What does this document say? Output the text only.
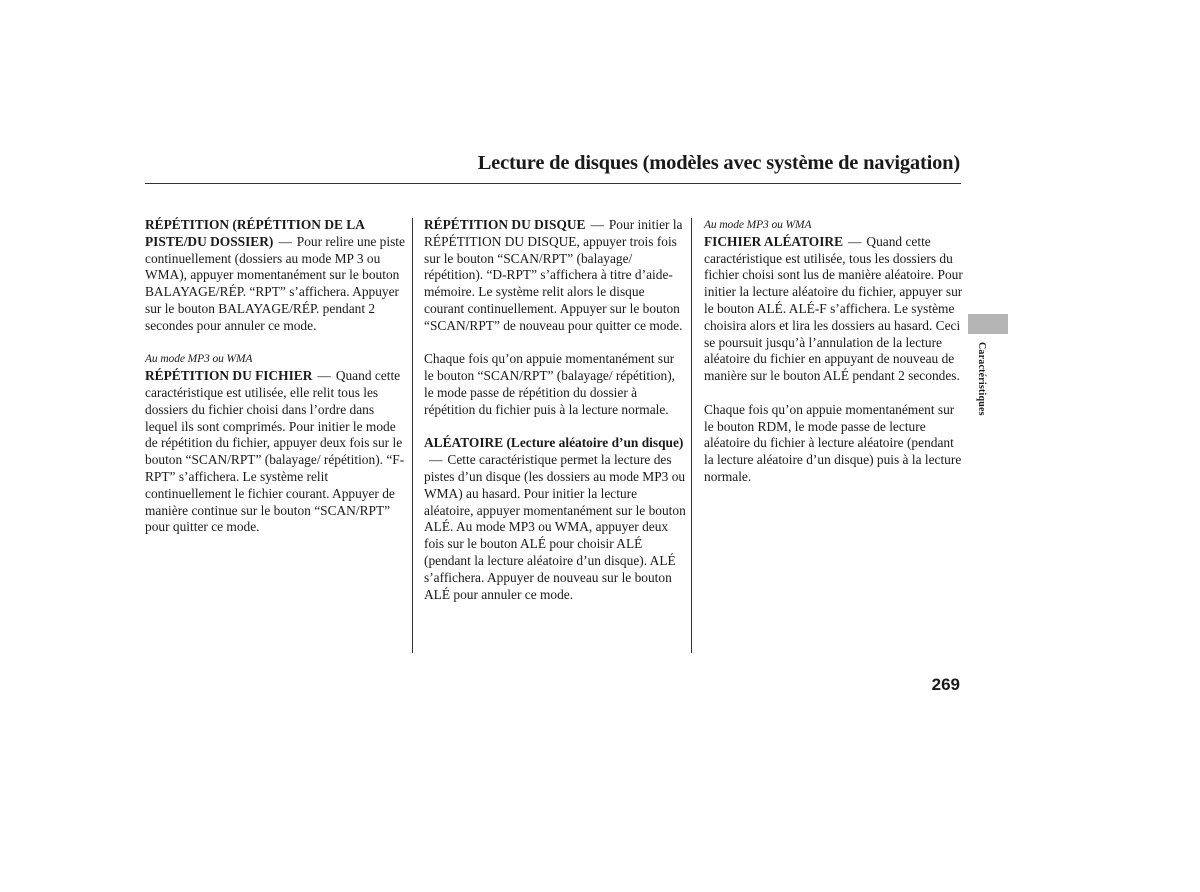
Lecture de disques (modèles avec système de navigation)

RÉPÉTITION (RÉPÉTITION DE LA PISTE/DU DOSSIER) — Pour relire une piste continuellement (dossiers au mode MP 3 ou WMA), appuyer momentanément sur le bouton BALAYAGE/RÉP. “RPT” s’affichera. Appuyer sur le bouton BALAYAGE/RÉP. pendant 2 secondes pour annuler ce mode.

Au mode MP3 ou WMA

RÉPÉTITION DU FICHIER — Quand cette caractéristique est utilisée, elle relit tous les dossiers du fichier choisi dans l’ordre dans lequel ils sont comprimés. Pour initier le mode de répétition du fichier, appuyer deux fois sur le bouton “SCAN/RPT” (balayage/ répétition). “F-RPT” s’affichera. Le système relit continuellement le fichier courant. Appuyer de manière continue sur le bouton “SCAN/RPT” pour quitter ce mode.

RÉPÉTITION DU DISQUE — Pour initier la RÉPÉTITION DU DISQUE, appuyer trois fois sur le bouton “SCAN/RPT” (balayage/ répétition). “D-RPT” s’affichera à titre d’aide-mémoire. Le système relit alors le disque courant continuellement. Appuyer sur le bouton “SCAN/RPT” de nouveau pour quitter ce mode.

Chaque fois qu’on appuie momentanément sur le bouton “SCAN/RPT” (balayage/ répétition), le mode passe de répétition du dossier à répétition du fichier puis à la lecture normale.

ALÉATOIRE (Lecture aléatoire d’un disque)— Cette caractéristique permet la lecture des pistes d’un disque (les dossiers au mode MP3 ou WMA) au hasard. Pour initier la lecture aléatoire, appuyer momentanément sur le bouton ALÉ. Au mode MP3 ou WMA, appuyer deux fois sur le bouton ALÉ pour choisir ALÉ (pendant la lecture aléatoire d’un disque). ALÉ s’affichera. Appuyer de nouveau sur le bouton ALÉ pour annuler ce mode.

Au mode MP3 ou WMA

FICHIER ALÉATOIRE — Quand cette caractéristique est utilisée, tous les dossiers du fichier choisi sont lus de manière aléatoire. Pour initier la lecture aléatoire du fichier, appuyer sur le bouton ALÉ. ALÉ-F s’affichera. Le système choisira alors et lira les dossiers au hasard. Ceci se poursuit jusqu’à l’annulation de la lecture aléatoire du fichier en appuyant de nouveau de manière sur le bouton ALÉ pendant 2 secondes.

Chaque fois qu’on appuie momentanément sur le bouton RDM, le mode passe de lecture aléatoire du fichier à lecture aléatoire (pendant la lecture aléatoire d’un disque) puis à la lecture normale.

Caractéristiques
269
